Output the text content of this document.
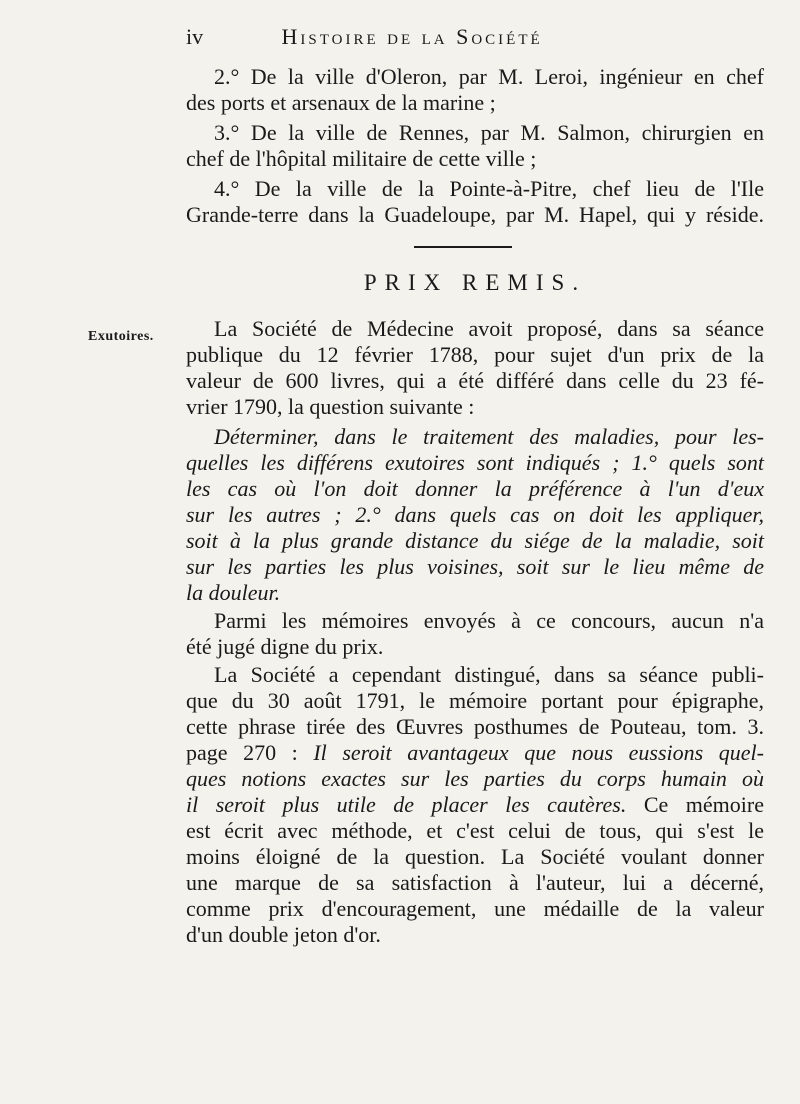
iv	Histoire de la Société
2.° De la ville d'Oleron, par M. Leroi, ingénieur en chef
des ports et arsenaux de la marine ;
3.° De la ville de Rennes, par M. Salmon, chirurgien en
chef de l'hôpital militaire de cette ville ;
4.° De la ville de la Pointe-à-Pitre, chef lieu de l'Ile
Grande-terre dans la Guadeloupe, par M. Hapel, qui y réside.
PRIX REMIS.
Exutoires.	La Société de Médecine avoit proposé, dans sa séance
publique du 12 février 1788, pour sujet d'un prix de la
valeur de 600 livres, qui a été différé dans celle du 23 fé-
vrier 1790, la question suivante :
Déterminer, dans le traitement des maladies, pour les-
quelles les différens exutoires sont indiqués ; 1.° quels sont
les cas où l'on doit donner la préférence à l'un d'eux
sur les autres ; 2.° dans quels cas on doit les appliquer,
soit à la plus grande distance du siége de la maladie, soit
sur les parties les plus voisines, soit sur le lieu même de
la douleur.
Parmi les mémoires envoyés à ce concours, aucun n'a
été jugé digne du prix.
La Société a cependant distingué, dans sa séance publi-
que du 30 août 1791, le mémoire portant pour épigraphe,
cette phrase tirée des Œuvres posthumes de Pouteau, tom. 3.
page 270 : Il seroit avantageux que nous eussions quel-
ques notions exactes sur les parties du corps humain où
il seroit plus utile de placer les cautères. Ce mémoire
est écrit avec méthode, et c'est celui de tous, qui s'est le
moins éloigné de la question. La Société voulant donner
une marque de sa satisfaction à l'auteur, lui a décerné,
comme prix d'encouragement, une médaille de la valeur
d'un double jeton d'or.
